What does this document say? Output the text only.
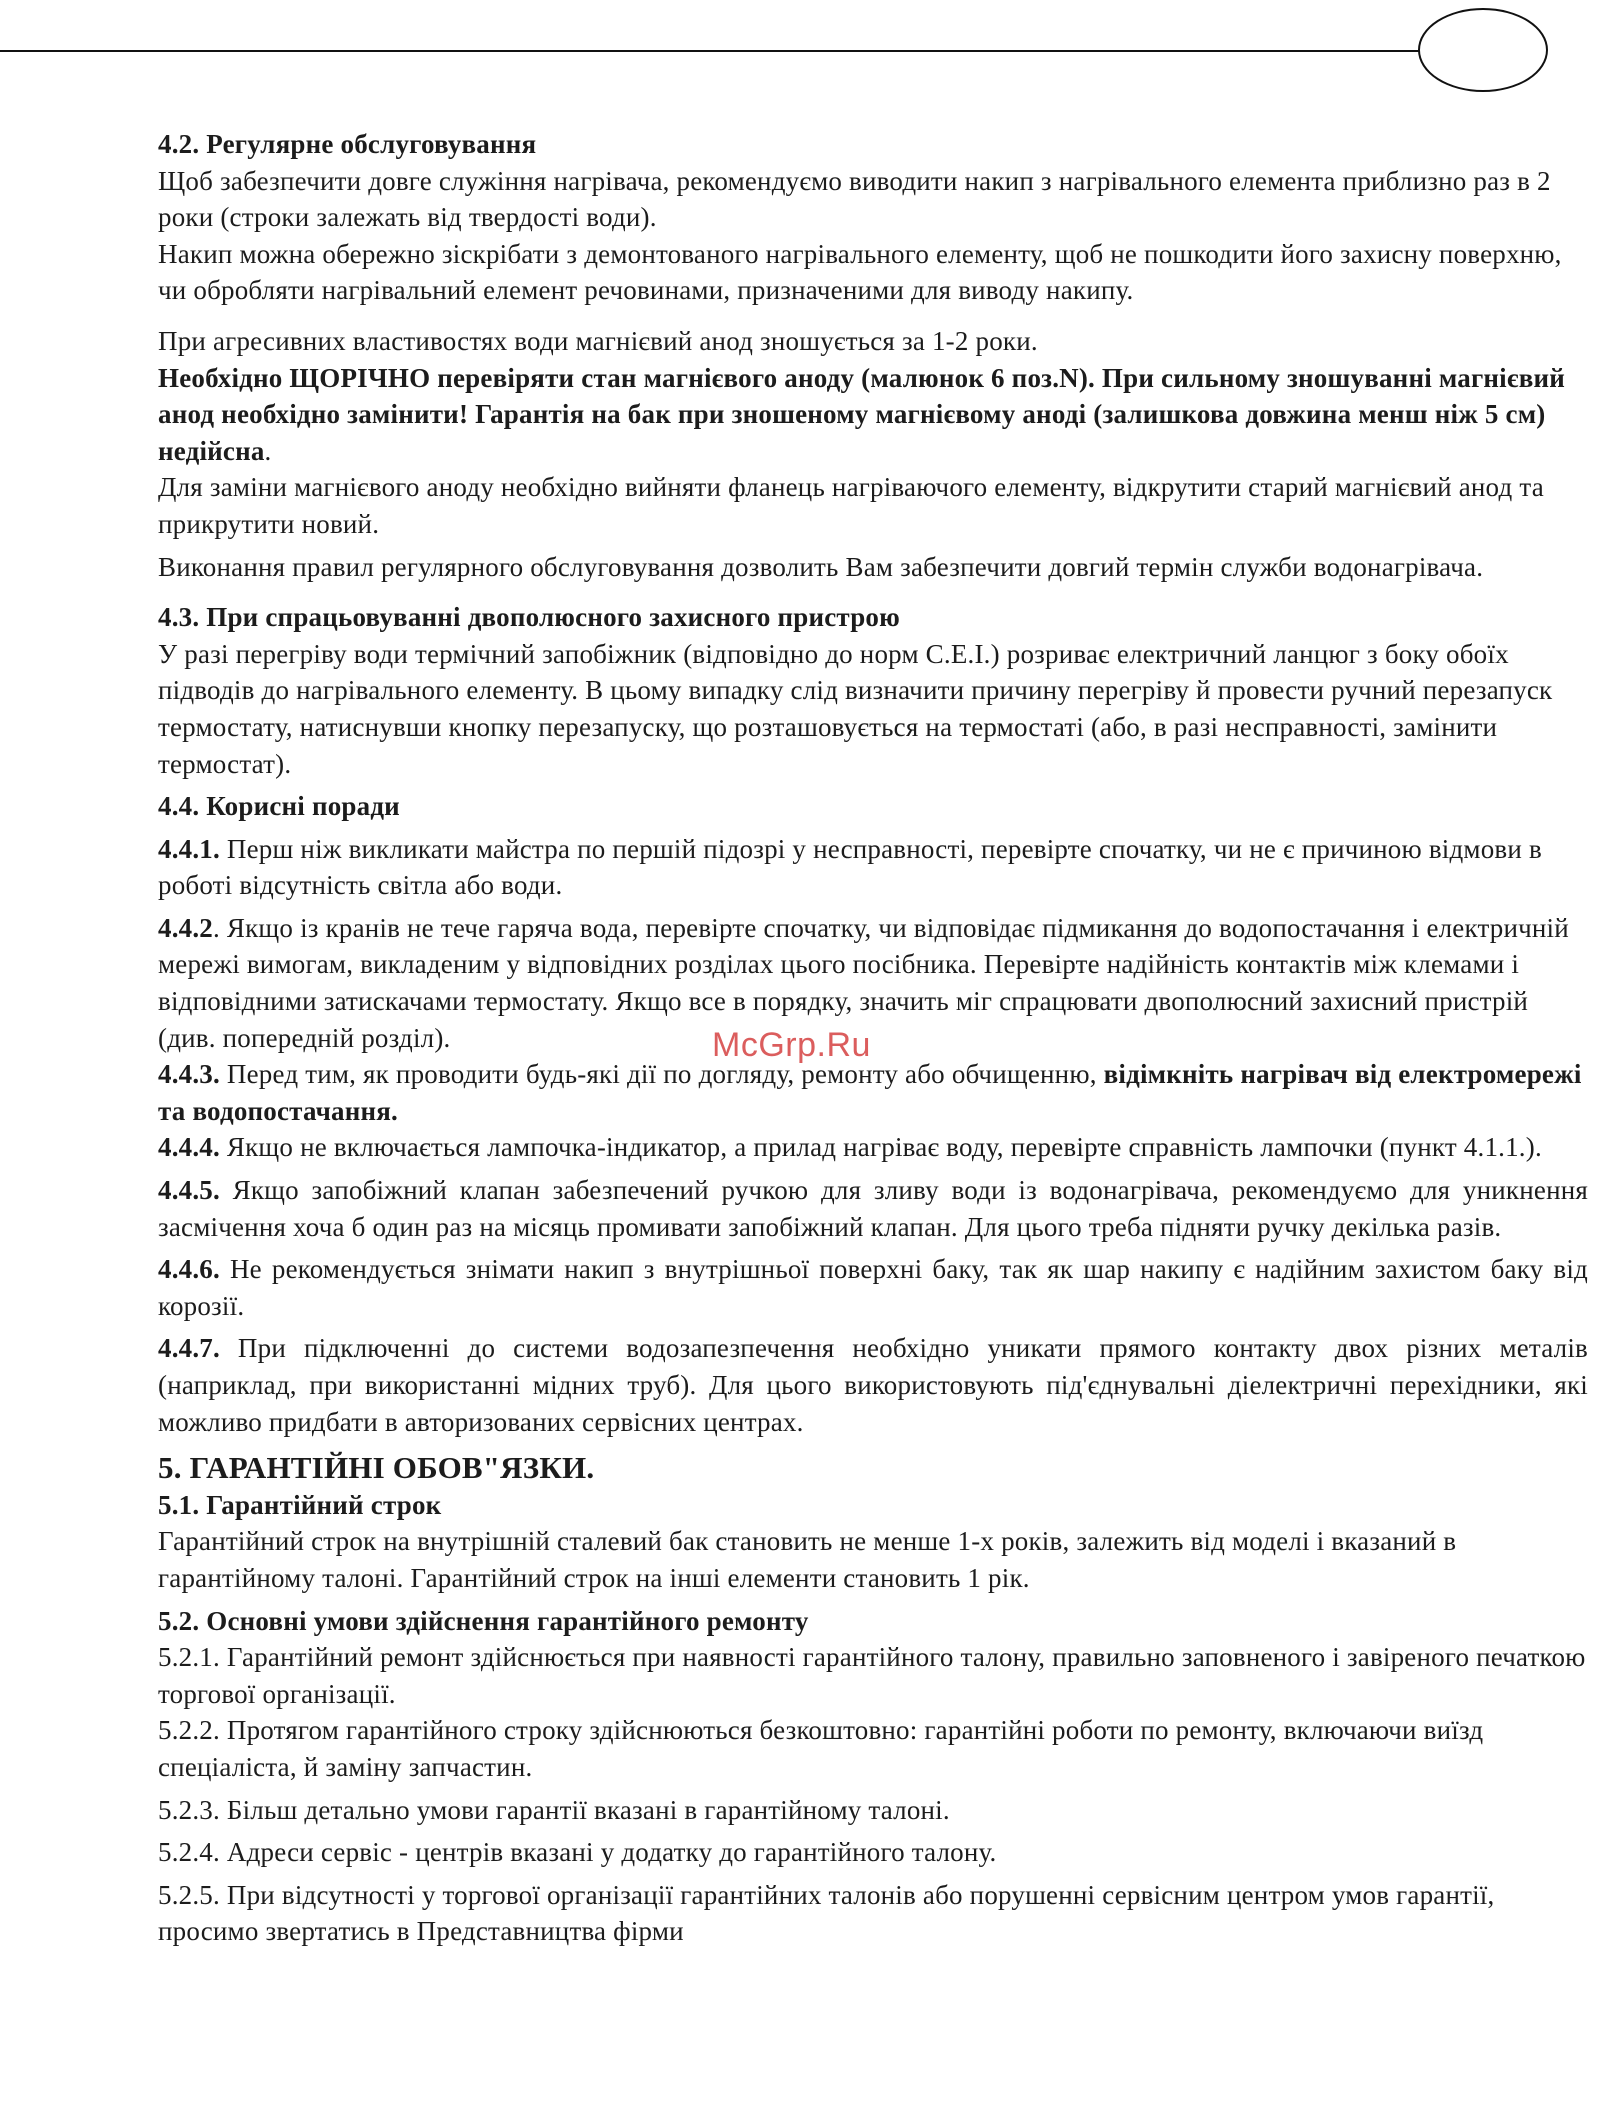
4.2. Регулярне обслуговування

Щоб забезпечити довге служіння нагрівача, рекомендуємо виводити накип з нагрівального елемента приблизно раз в 2 роки (строки залежать від твердості води).

Накип можна обережно зіскрібати з демонтованого нагрівального елементу, щоб не пошкодити його захисну поверхню, чи обробляти нагрівальний елемент речовинами, призначеними для виводу накипу.

При агресивних властивостях води магнієвий анод зношується за 1-2 роки.

Необхідно ЩОРІЧНО перевіряти стан магнієвого аноду (малюнок 6 поз.N). При сильному зношуванні магнієвий анод необхідно замінити! Гарантія на бак при зношеному магнієвому аноді (залишкова довжина менш ніж 5 см) недійсна.

Для заміни магнієвого аноду необхідно вийняти фланець нагріваючого елементу, відкрутити старий магнієвий анод та прикрутити новий.

Виконання правил регулярного обслуговування дозволить Вам забезпечити довгий термін служби водонагрівача.

4.3. При спрацьовуванні двополюсного захисного пристрою

У разі перегріву води термічний запобіжник (відповідно до норм С.Е.І.) розриває електричний ланцюг з боку обоїх підводів до нагрівального елементу. В цьому випадку слід визначити причину перегріву й провести ручний перезапуск термостату, натиснувши кнопку перезапуску, що розташовується на термостаті (або, в разі несправності, замінити термостат).

4.4. Корисні поради

4.4.1. Перш ніж викликати майстра по першій підозрі у несправності, перевірте спочатку, чи не є причиною відмови в роботі відсутність світла або води.

4.4.2. Якщо із кранів не тече гаряча вода, перевірте спочатку, чи відповідає підмикання до водопостачання і електричній мережі вимогам, викладеним у відповідних розділах цього посібника. Перевірте надійність контактів між клемами і відповідними затискачами термостату. Якщо все в порядку, значить міг спрацювати двополюсний захисний пристрій (див. попередній розділ).

4.4.3. Перед тим, як проводити будь-які дії по догляду, ремонту або обчищенню, відімкніть нагрівач від електромережі та водопостачання.

4.4.4. Якщо не включається лампочка-індикатор, а прилад нагріває воду, перевірте справність лампочки (пункт 4.1.1.).

4.4.5. Якщо запобіжний клапан забезпечений ручкою для зливу води із водонагрівача, рекомендуємо для уникнення засмічення хоча б один раз на місяць промивати запобіжний клапан. Для цього треба підняти ручку декілька разів.

4.4.6. Не рекомендується знімати накип з внутрішньої поверхні баку, так як шар накипу є надійним захистом баку від корозії.

4.4.7. При підключенні до системи водозапезпечення необхідно уникати прямого контакту двох різних металів (наприклад, при використанні мідних труб). Для цього використовують під'єднувальні діелектричні перехідники, які можливо придбати в авторизованих сервісних центрах.

5. ГАРАНТІЙНІ ОБОВ"ЯЗКИ.

5.1. Гарантійний строк

Гарантійний строк на внутрішній сталевий бак становить не менше 1-х років, залежить від моделі і вказаний в гарантійному талоні. Гарантійний строк на інші елементи становить 1 рік.

5.2. Основні умови здійснення гарантійного ремонту

5.2.1. Гарантійний ремонт здійснюється при наявності гарантійного талону, правильно заповненого і завіреного печаткою торгової організації.

5.2.2. Протягом гарантійного строку здійснюються безкоштовно: гарантійні роботи по ремонту, включаючи виїзд спеціаліста, й заміну запчастин.

5.2.3. Більш детально умови гарантії вказані в гарантійному талоні.

5.2.4. Адреси сервіс - центрів вказані у додатку до гарантійного талону.

5.2.5. При відсутності у торгової організації гарантійних талонів або порушенні сервісним центром умов гарантії, просимо звертатись в Представництва фірми

McGrp.Ru
